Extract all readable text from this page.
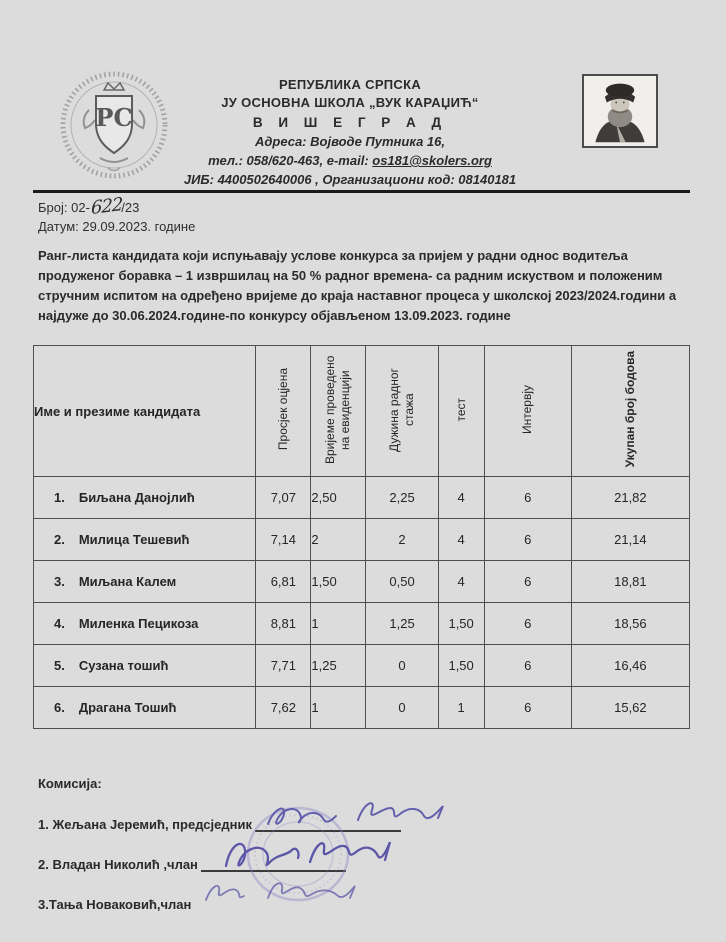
РС
РЕПУБЛИКА СРПСКА
ЈУ ОСНОВНА ШКОЛА „ВУК КАРАЏИЋ“
В И Ш Е Г Р А Д
Адреса: Војводе Путника 16,
тел.: 058/620-463, e-mail: os181@skolers.org
ЈИБ: 4400502640006 , Организациони код: 08140181
Број: 02-622/23
Датум: 29.09.2023. године

Ранг-листа кандидата који испуњавају услове конкурса за пријем у радни однос водитеља продуженог боравка – 1 извршилац на 50 % радног времена- са радним искуством и положеним стручним испитом на одређено вријеме до краја наставног процеса у школској 2023/2024.години а најдуже до 30.06.2024.године-по конкурсу објављеном 13.09.2023. године

Име и презиме кандидата	Просјек оцјена	Вријеме проведено на евиденцији	Дужина радног стажа	тест	Интервју	Укупан број бодова
1. Биљана Данојлић	7,07	2,50	2,25	4	6	21,82
2. Милица Тешевић	7,14	2	2	4	6	21,14
3. Миљана Калем	6,81	1,50	0,50	4	6	18,81
4. Миленка Пецикоза	8,81	1	1,25	1,50	6	18,56
5. Сузана тошић	7,71	1,25	0	1,50	6	16,46
6. Драгана Тошић	7,62	1	0	1	6	15,62
Комисија:
1. Жељана Јеремић, предсједник
2. Владан Николић ,члан
3.Тања Новаковић,члан
